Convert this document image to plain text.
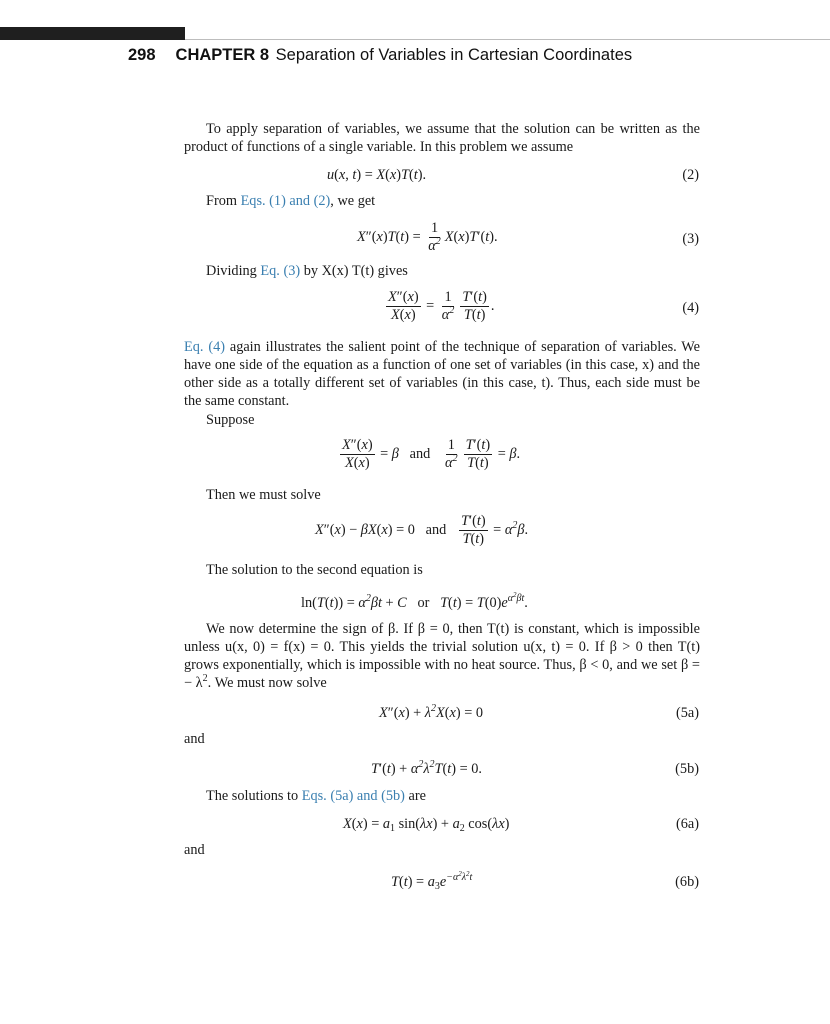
298 CHAPTER 8 Separation of Variables in Cartesian Coordinates
To apply separation of variables, we assume that the solution can be written as the product of functions of a single variable. In this problem we assume
u(x, t) = X(x)T(t).	(2)
From Eqs. (1) and (2), we get
$X''(x)T(t) = \frac{1}{\alpha^2} X(x)T'(t)$.	(3)
Dividing Eq. (3) by X(x) T(t) gives
$\frac{X''(x)}{X(x)} = \frac{1}{\alpha^2} \frac{T'(t)}{T(t)}$ .	(4)
Eq. (4) again illustrates the salient point of the technique of separation of variables. We have one side of the equation as a function of one set of variables (in this case, x) and the other side as a totally different set of variables (in this case, t). Thus, each side must be the same constant.
Suppose
$\frac{X''(x)}{X(x)} = \beta$ and $\frac{1}{\alpha^2} \frac{T'(t)}{T(t)} = \beta$.
Then we must solve
X″(x) − βX(x) = 0   and $\frac{T'(t)}{T(t)} = \alpha^2\beta$.
The solution to the second equation is
$\ln(T(t)) = \alpha^2\beta t + C$ or $T(t) = T(0)e^{\alpha^2\beta t}$.
We now determine the sign of β. If β = 0, then T(t) is constant, which is impossible unless u(x, 0) = f(x) = 0. This yields the trivial solution u(x, t) = 0. If β > 0 then T(t) grows exponentially, which is impossible with no heat source. Thus, β < 0, and we set β = − $\lambda^2$. We must now solve
$X''(x) + \lambda^2X(x) = 0$	(5a)
and
$T'(t) + \alpha^2\lambda^2T(t) = 0$.	(5b)
The solutions to Eqs. (5a) and (5b) are
$X(x) = a_1$ $\sin(\lambda x) + a_2$ cos(λx)	(6a)
and
$T(t) = a_3e^{-\alpha^2\lambda^2t}$	(6b)
